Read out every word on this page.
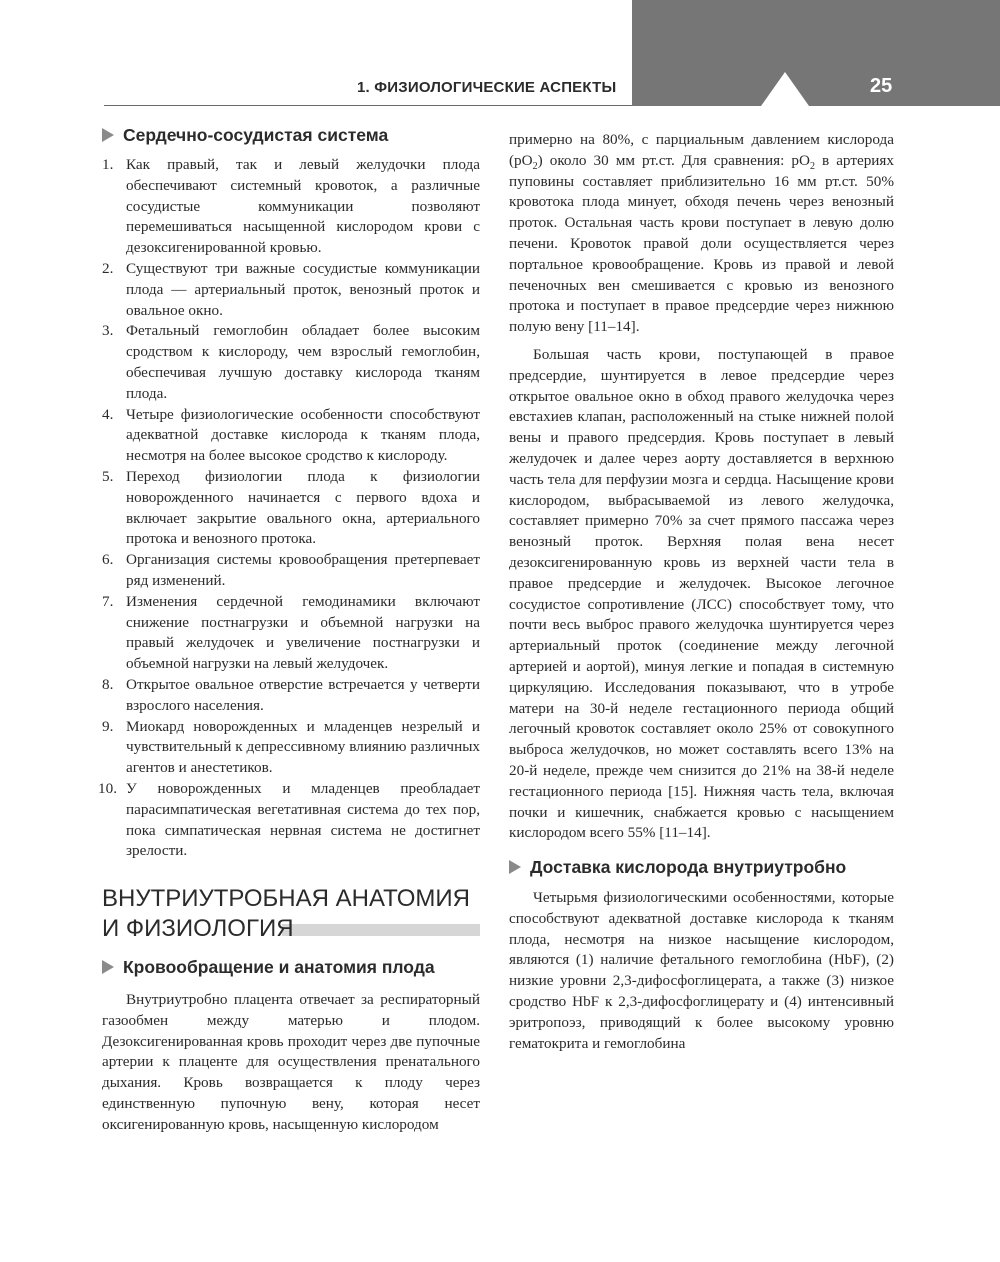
1. ФИЗИОЛОГИЧЕСКИЕ АСПЕКТЫ	25
Сердечно-сосудистая система
1. Как правый, так и левый желудочки плода обеспечивают системный кровоток, а различные сосудистые коммуникации позволяют перемешиваться насыщенной кислородом крови с дезоксигенированной кровью.
2. Существуют три важные сосудистые коммуникации плода — артериальный проток, венозный проток и овальное окно.
3. Фетальный гемоглобин обладает более высоким сродством к кислороду, чем взрослый гемоглобин, обеспечивая лучшую доставку кислорода тканям плода.
4. Четыре физиологические особенности способствуют адекватной доставке кислорода к тканям плода, несмотря на более высокое сродство к кислороду.
5. Переход физиологии плода к физиологии новорожденного начинается с первого вдоха и включает закрытие овального окна, артериального протока и венозного протока.
6. Организация системы кровообращения претерпевает ряд изменений.
7. Изменения сердечной гемодинамики включают снижение постнагрузки и объемной нагрузки на правый желудочек и увеличение постнагрузки и объемной нагрузки на левый желудочек.
8. Открытое овальное отверстие встречается у четверти взрослого населения.
9. Миокард новорожденных и младенцев незрелый и чувствительный к депрессивному влиянию различных агентов и анестетиков.
10. У новорожденных и младенцев преобладает парасимпатическая вегетативная система до тех пор, пока симпатическая нервная система не достигнет зрелости.
ВНУТРИУТРОБНАЯ АНАТОМИЯ
И ФИЗИОЛОГИЯ
Кровообращение и анатомия плода

Внутриутробно плацента отвечает за респираторный газообмен между матерью и плодом. Дезоксигенированная кровь проходит через две пупочные артерии к плаценте для осуществления пренатального дыхания. Кровь возвращается к плоду через единственную пупочную вену, которая несет оксигенированную кровь, насыщенную кислородом

примерно на 80%, с парциальным давлением кислорода $(pO_2)$ около 30 мм рт.ст. Для сравнения: $pO_2$ в артериях пуповины составляет приблизительно 16 мм рт.ст. 50% кровотока плода минует, обходя печень через венозный проток. Остальная часть крови поступает в левую долю печени. Кровоток правой доли осуществляется через портальное кровообращение. Кровь из правой и левой печеночных вен смешивается с кровью из венозного протока и поступает в правое предсердие через нижнюю полую вену [11–14].

Большая часть крови, поступающей в правое предсердие, шунтируется в левое предсердие через открытое овальное окно в обход правого желудочка через евстахиев клапан, расположенный на стыке нижней полой вены и правого предсердия. Кровь поступает в левый желудочек и далее через аорту доставляется в верхнюю часть тела для перфузии мозга и сердца. Насыщение крови кислородом, выбрасываемой из левого желудочка, составляет примерно 70% за счет прямого пассажа через венозный проток. Верхняя полая вена несет дезоксигенированную кровь из верхней части тела в правое предсердие и желудочек. Высокое легочное сосудистое сопротивление (ЛСС) способствует тому, что почти весь выброс правого желудочка шунтируется через артериальный проток (соединение между легочной артерией и аортой), минуя легкие и попадая в системную циркуляцию. Исследования показывают, что в утробе матери на 30-й неделе гестационного периода общий легочный кровоток составляет около 25% от совокупного выброса желудочков, но может составлять всего 13% на 20-й неделе, прежде чем снизится до 21% на 38-й неделе гестационного периода [15]. Нижняя часть тела, включая почки и кишечник, снабжается кровью с насыщением кислородом всего 55% [11–14].

Доставка кислорода внутриутробно

Четырьмя физиологическими особенностями, которые способствуют адекватной доставке кислорода к тканям плода, несмотря на низкое насыщение кислородом, являются (1) наличие фетального гемоглобина (HbF), (2) низкие уровни 2,3-дифосфоглицерата, а также (3) низкое сродство HbF к 2,3-дифосфоглицерату и (4) интенсивный эритропоэз, приводящий к более высокому уровню гематокрита и гемоглобина
